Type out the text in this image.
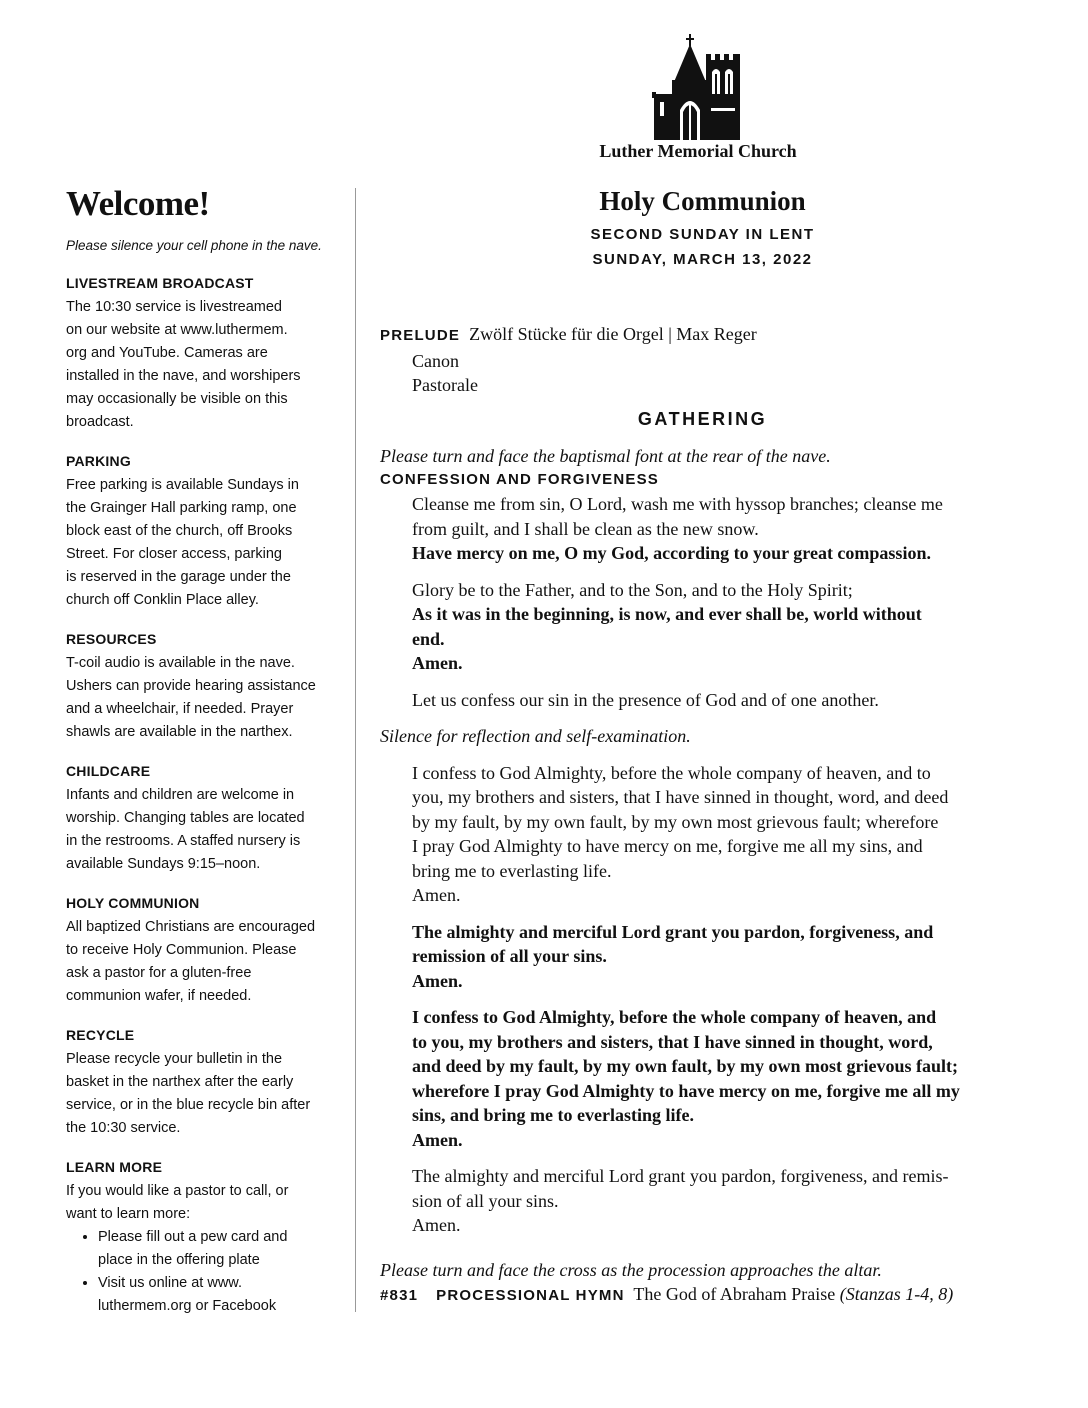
Luther Memorial Church
Welcome!
Please silence your cell phone in the nave.
LIVESTREAM BROADCAST

The 10:30 service is livestreamed
on our website at www.luthermem.
org and YouTube. Cameras are
installed in the nave, and worshipers
may occasionally be visible on this
broadcast.

PARKING

Free parking is available Sundays in
the Grainger Hall parking ramp, one
block east of the church, off Brooks
Street. For closer access, parking
is reserved in the garage under the
church off Conklin Place alley.

RESOURCES

T-coil audio is available in the nave.
Ushers can provide hearing assistance
and a wheelchair, if needed. Prayer
shawls are available in the narthex.

CHILDCARE

Infants and children are welcome in
worship. Changing tables are located
in the restrooms. A staffed nursery is
available Sundays 9:15–noon.

HOLY COMMUNION

All baptized Christians are encouraged
to receive Holy Communion. Please
ask a pastor for a gluten-free
communion wafer, if needed.

RECYCLE

Please recycle your bulletin in the
basket in the narthex after the early
service, or in the blue recycle bin after
the 10:30 service.

LEARN MORE

If you would like a pastor to call, or
want to learn more:

• Please fill out a pew card and
place in the offering plate
• Visit us online at www.
luthermem.org or Facebook
Holy Communion
SECOND SUNDAY IN LENT
SUNDAY, MARCH 13, 2022
PRELUDE Zwölf Stücke für die Orgel | Max Reger
Canon
Pastorale
GATHERING
Please turn and face the baptismal font at the rear of the nave.
CONFESSION AND FORGIVENESS
Cleanse me from sin, O Lord, wash me with hyssop branches; cleanse me
from guilt, and I shall be clean as the new snow.
Have mercy on me, O my God, according to your great compassion.
Glory be to the Father, and to the Son, and to the Holy Spirit;
As it was in the beginning, is now, and ever shall be, world without
end.
Amen.
Let us confess our sin in the presence of God and of one another.
Silence for reflection and self-examination.
I confess to God Almighty, before the whole company of heaven, and to
you, my brothers and sisters, that I have sinned in thought, word, and deed
by my fault, by my own fault, by my own most grievous fault; wherefore
I pray God Almighty to have mercy on me, forgive me all my sins, and
bring me to everlasting life.
Amen.
The almighty and merciful Lord grant you pardon, forgiveness, and
remission of all your sins.
Amen.
I confess to God Almighty, before the whole company of heaven, and
to you, my brothers and sisters, that I have sinned in thought, word,
and deed by my fault, by my own fault, by my own most grievous fault;
wherefore I pray God Almighty to have mercy on me, forgive me all my
sins, and bring me to everlasting life.
Amen.
The almighty and merciful Lord grant you pardon, forgiveness, and remis-
sion of all your sins.
Amen.
Please turn and face the cross as the procession approaches the altar.
#831 PROCESSIONAL HYMN The God of Abraham Praise (Stanzas 1-4, 8)
